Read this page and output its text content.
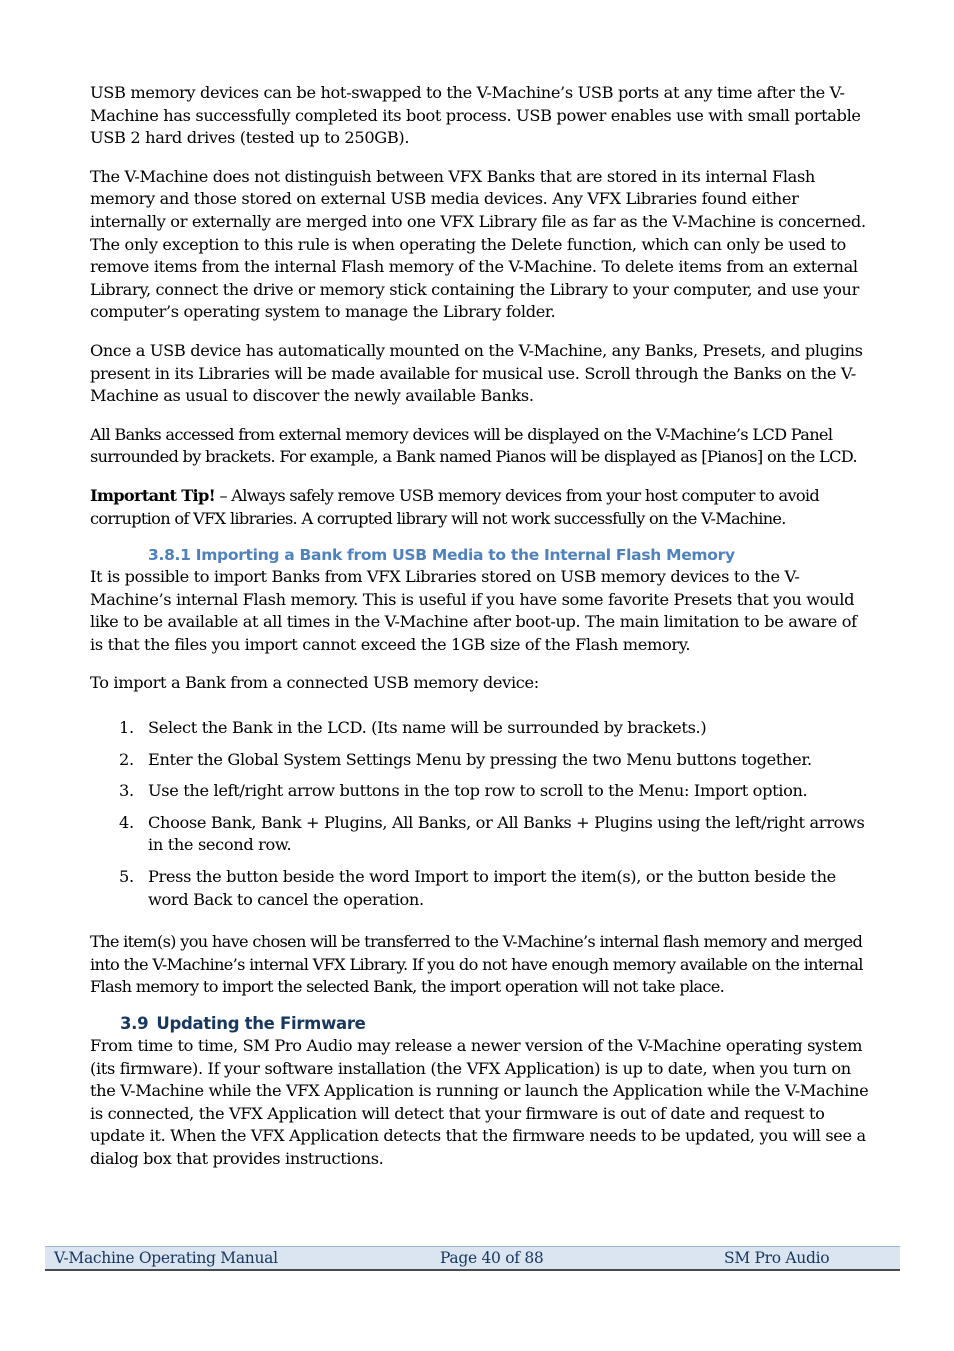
USB memory devices can be hot-swapped to the V-Machine’s USB ports at any time after the V-Machine has successfully completed its boot process. USB power enables use with small portable USB 2 hard drives (tested up to 250GB).

The V-Machine does not distinguish between VFX Banks that are stored in its internal Flash memory and those stored on external USB media devices. Any VFX Libraries found either internally or externally are merged into one VFX Library file as far as the V-Machine is concerned. The only exception to this rule is when operating the Delete function, which can only be used to remove items from the internal Flash memory of the V-Machine. To delete items from an external Library, connect the drive or memory stick containing the Library to your computer, and use your computer’s operating system to manage the Library folder.

Once a USB device has automatically mounted on the V-Machine, any Banks, Presets, and plugins present in its Libraries will be made available for musical use. Scroll through the Banks on the V-Machine as usual to discover the newly available Banks.

All Banks accessed from external memory devices will be displayed on the V-Machine’s LCD Panel surrounded by brackets. For example, a Bank named Pianos will be displayed as [Pianos] on the LCD.

Important Tip! – Always safely remove USB memory devices from your host computer to avoid corruption of VFX libraries. A corrupted library will not work successfully on the V-Machine.

3.8.1 Importing a Bank from USB Media to the Internal Flash Memory

It is possible to import Banks from VFX Libraries stored on USB memory devices to the V-Machine’s internal Flash memory. This is useful if you have some favorite Presets that you would like to be available at all times in the V-Machine after boot-up. The main limitation to be aware of is that the files you import cannot exceed the 1GB size of the Flash memory.

To import a Bank from a connected USB memory device:

1. Select the Bank in the LCD. (Its name will be surrounded by brackets.)
2. Enter the Global System Settings Menu by pressing the two Menu buttons together.
3. Use the left/right arrow buttons in the top row to scroll to the Menu: Import option.
4. Choose Bank, Bank + Plugins, All Banks, or All Banks + Plugins using the left/right arrows in the second row.
5. Press the button beside the word Import to import the item(s), or the button beside the word Back to cancel the operation.

The item(s) you have chosen will be transferred to the V-Machine’s internal flash memory and merged into the V-Machine’s internal VFX Library. If you do not have enough memory available on the internal Flash memory to import the selected Bank, the import operation will not take place.

3.9 Updating the Firmware

From time to time, SM Pro Audio may release a newer version of the V-Machine operating system (its firmware). If your software installation (the VFX Application) is up to date, when you turn on the V-Machine while the VFX Application is running or launch the Application while the V-Machine is connected, the VFX Application will detect that your firmware is out of date and request to update it. When the VFX Application detects that the firmware needs to be updated, you will see a dialog box that provides instructions.

V-Machine Operating Manual	Page 40 of 88	SM Pro Audio
